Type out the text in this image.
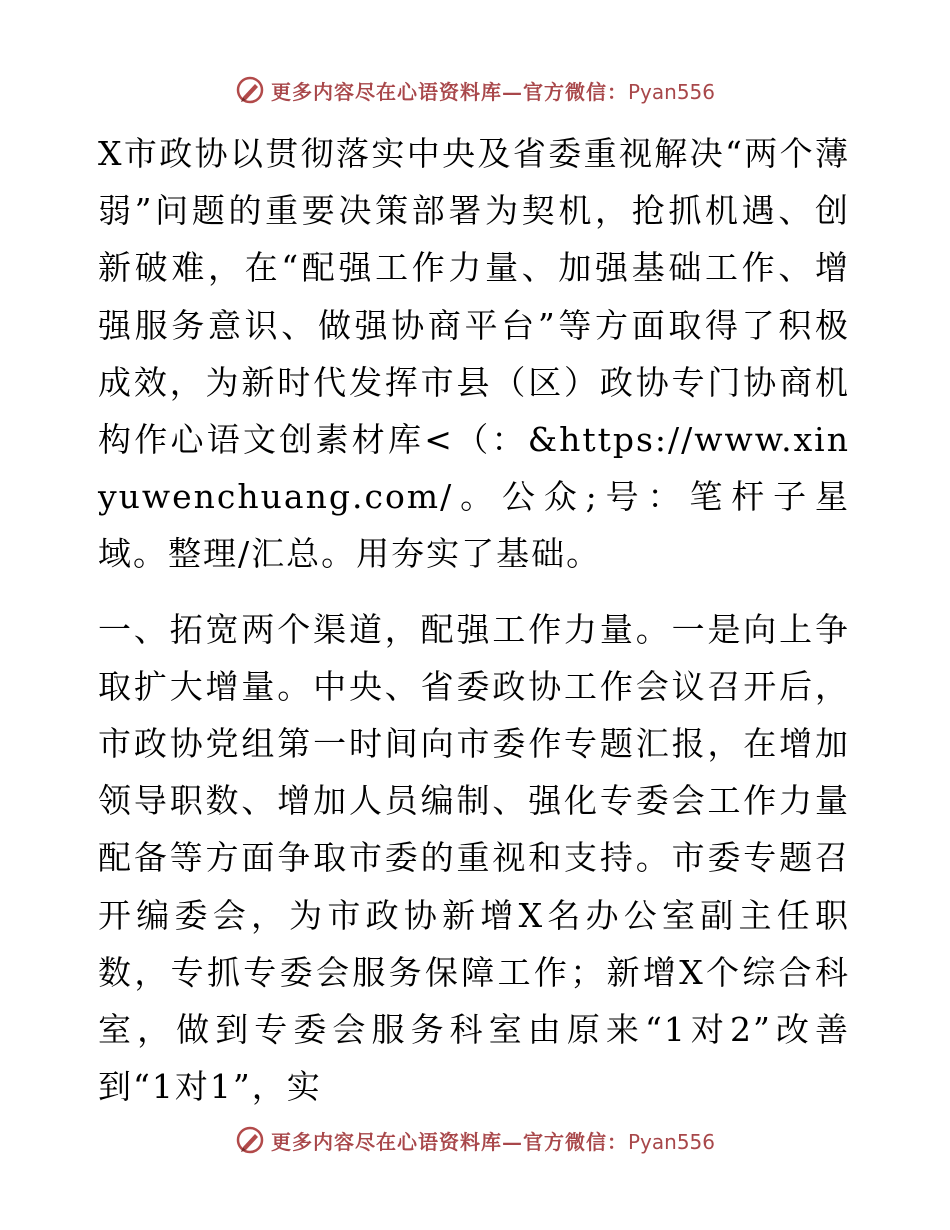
更多内容尽在心语资料库—官方微信：Pyan556

X市政协以贯彻落实中央及省委重视解决“两个薄弱”问题的重要决策部署为契机，抢抓机遇、创新破难，在“配强工作力量、加强基础工作、增强服务意识、做强协商平台”等方面取得了积极成效，为新时代发挥市县（区）政协专门协商机构作心语文创素材库<（：&https://www.xinyuwenchuang.com/。公众;号：笔杆子星域。整理/汇总。用夯实了基础。

一、拓宽两个渠道，配强工作力量。一是向上争取扩大增量。中央、省委政协工作会议召开后，市政协党组第一时间向市委作专题汇报，在增加领导职数、增加人员编制、强化专委会工作力量配备等方面争取市委的重视和支持。市委专题召开编委会，为市政协新增X名办公室副主任职数，专抓专委会服务保障工作；新增X个综合科室，做到专委会服务科室由原来“1对2”改善到“1对1”，实

更多内容尽在心语资料库—官方微信：Pyan556
